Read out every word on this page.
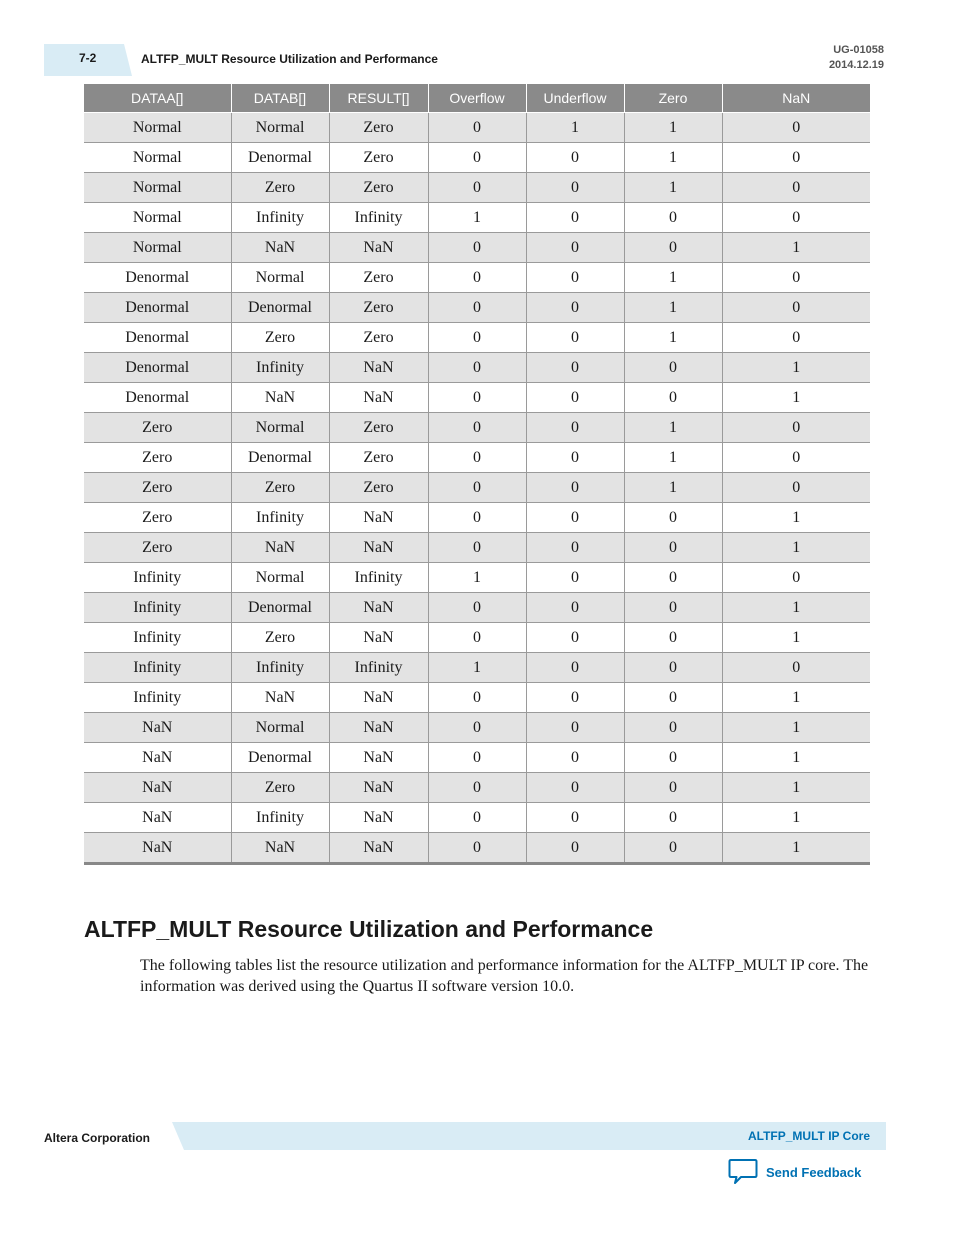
7-2	ALTFP_MULT Resource Utilization and Performance
UG-01058
2014.12.19
DATAA[]	DATAB[]	RESULT[]	Overflow	Underflow	Zero	NaN
Normal	Normal	Zero	0	1	1	0
Normal	Denormal	Zero	0	0	1	0
Normal	Zero	Zero	0	0	1	0
Normal	Infinity	Infinity	1	0	0	0
Normal	NaN	NaN	0	0	0	1
Denormal	Normal	Zero	0	0	1	0
Denormal	Denormal	Zero	0	0	1	0
Denormal	Zero	Zero	0	0	1	0
Denormal	Infinity	NaN	0	0	0	1
Denormal	NaN	NaN	0	0	0	1
Zero	Normal	Zero	0	0	1	0
Zero	Denormal	Zero	0	0	1	0
Zero	Zero	Zero	0	0	1	0
Zero	Infinity	NaN	0	0	0	1
Zero	NaN	NaN	0	0	0	1
Infinity	Normal	Infinity	1	0	0	0
Infinity	Denormal	NaN	0	0	0	1
Infinity	Zero	NaN	0	0	0	1
Infinity	Infinity	Infinity	1	0	0	0
Infinity	NaN	NaN	0	0	0	1
NaN	Normal	NaN	0	0	0	1
NaN	Denormal	NaN	0	0	0	1
NaN	Zero	NaN	0	0	0	1
NaN	Infinity	NaN	0	0	0	1
NaN	NaN	NaN	0	0	0	1
ALTFP_MULT Resource Utilization and Performance
The following tables list the resource utilization and performance information for the ALTFP_MULT IP core. The information was derived using the Quartus II software version 10.0.
Altera Corporation	ALTFP_MULT IP Core
Send Feedback
